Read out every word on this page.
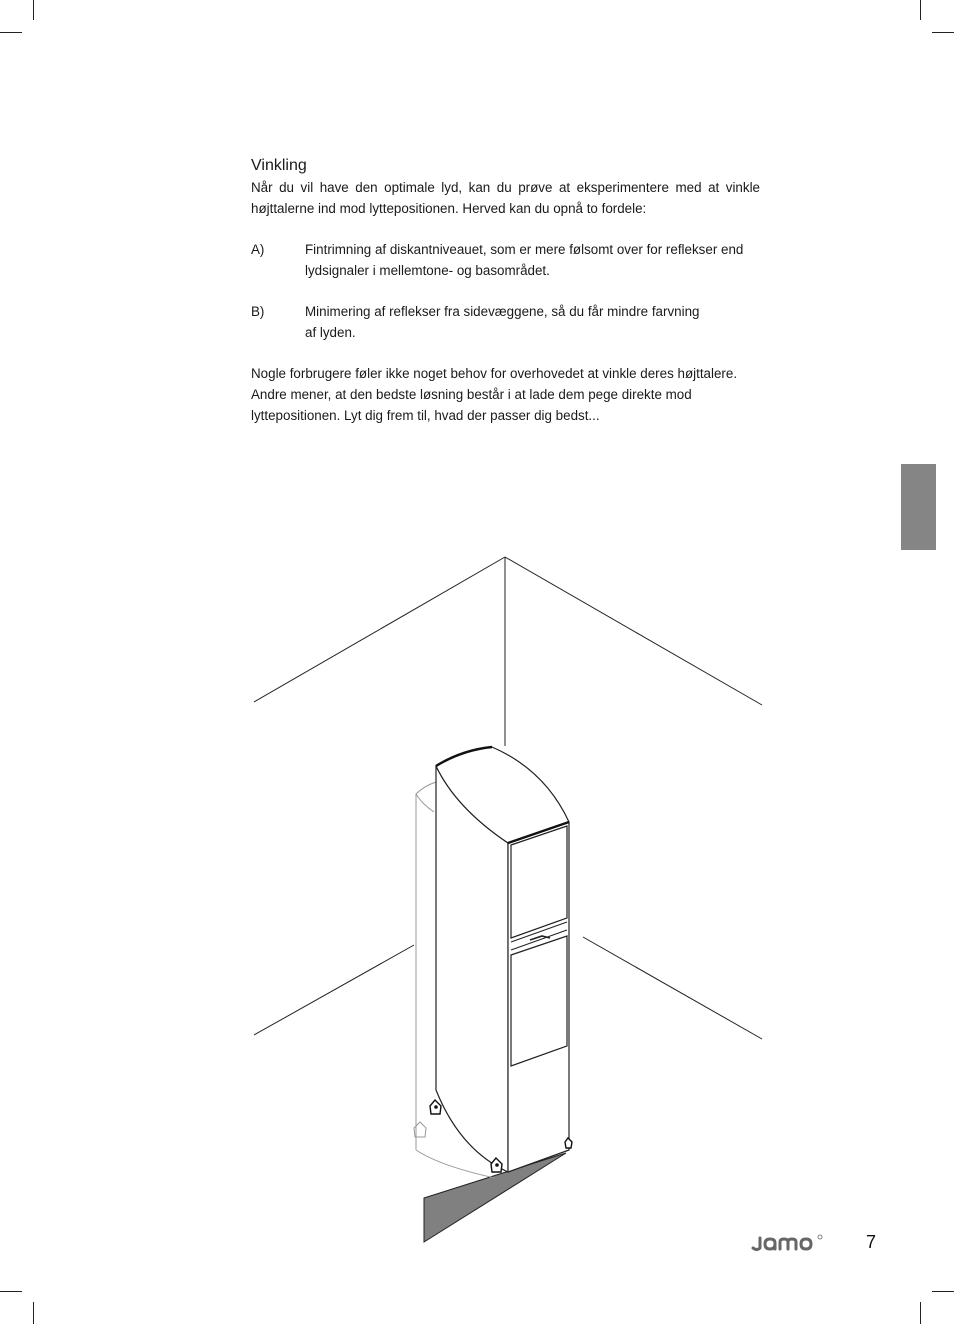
Vinkling

Når du vil have den optimale lyd, kan du prøve at eksperimentere med at vinkle højttalerne ind mod lyttepositionen. Herved kan du opnå to fordele:

A)	Fintrimning af diskantniveauet, som er mere følsomt over for reflekser end
lydsignaler i mellemtone- og basområdet.
B)	Minimering af reflekser fra sidevæggene, så du får mindre farvning
af lyden.

Nogle forbrugere føler ikke noget behov for overhovedet at vinkle deres højttalere. Andre mener, at den bedste løsning består i at lade dem pege direkte mod lyttepositionen. Lyt dig frem til, hvad der passer dig bedst...

7
